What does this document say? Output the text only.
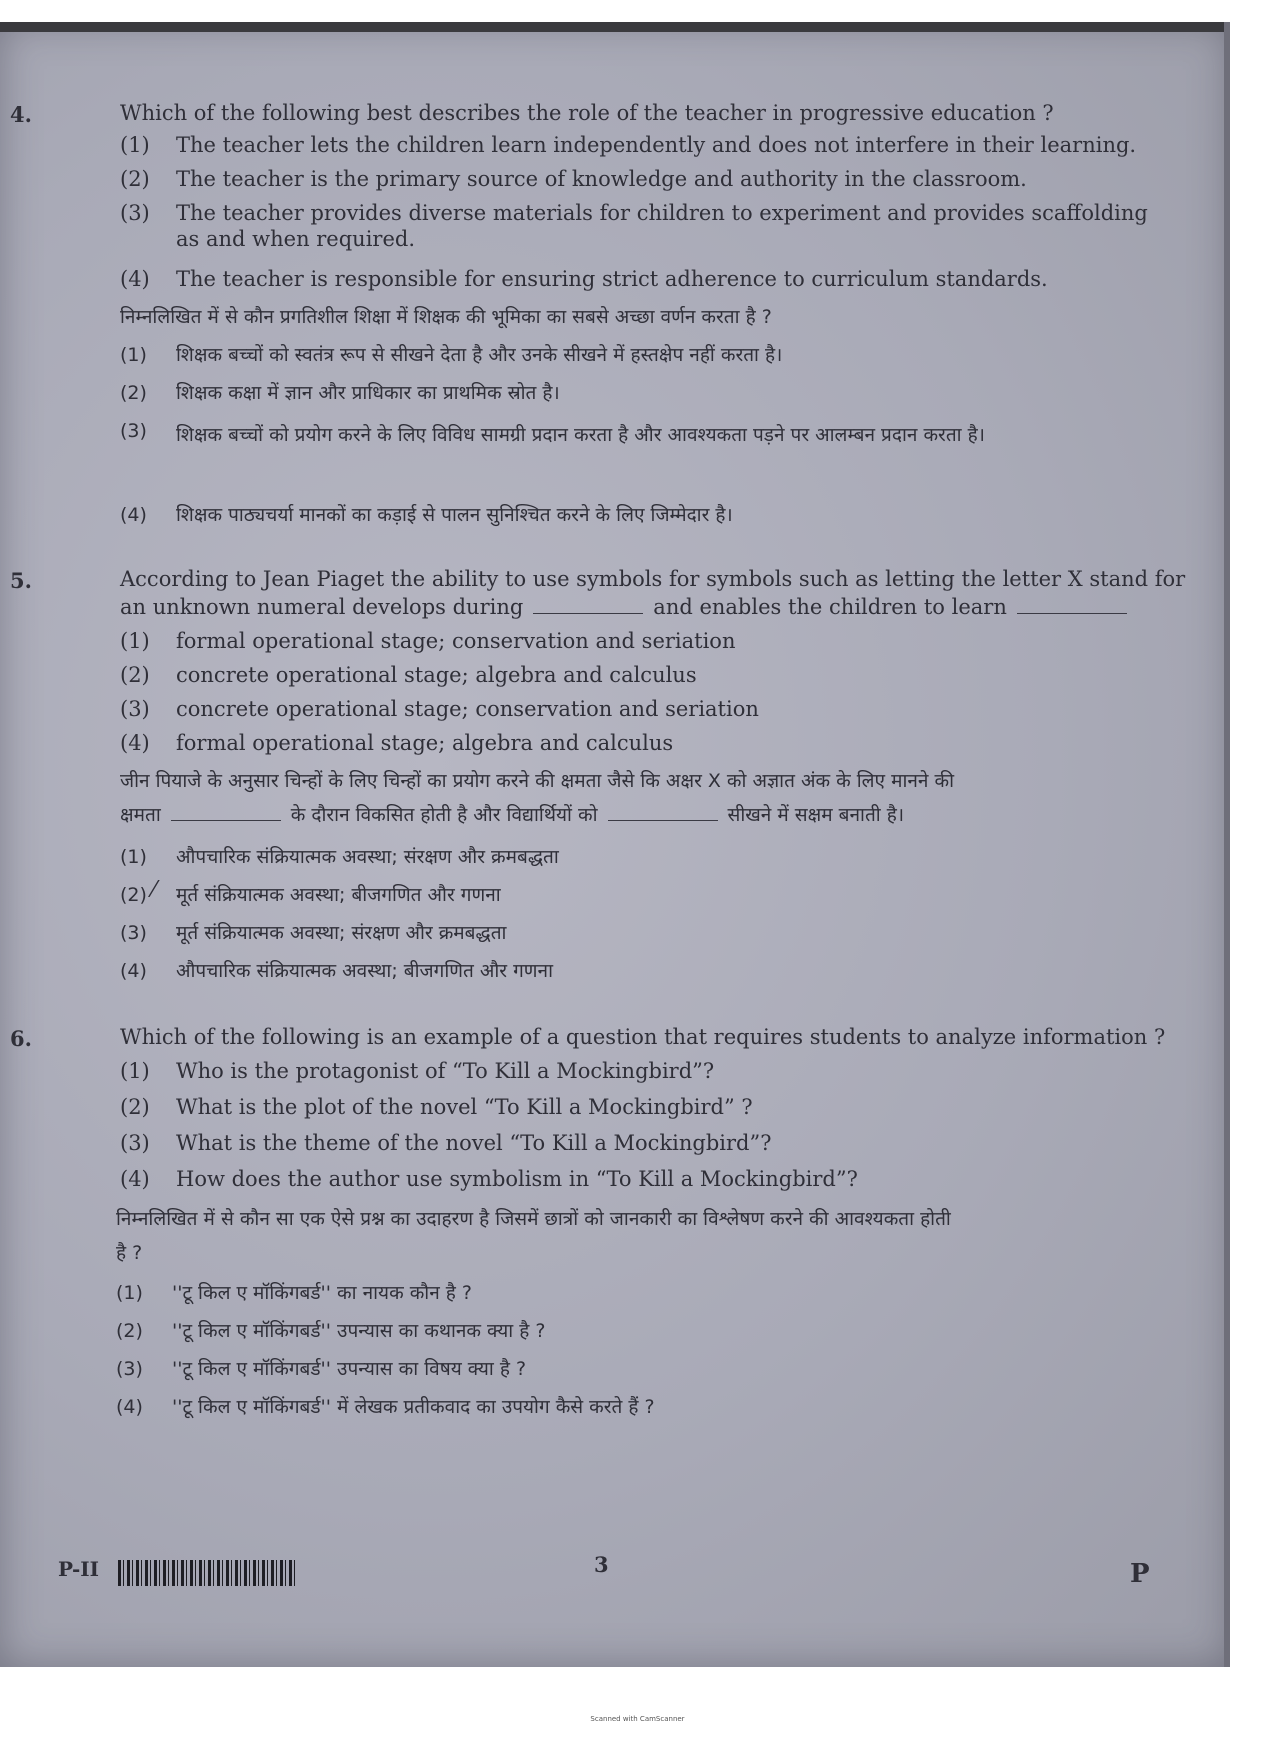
4.	Which of the following best describes the role of the teacher in progressive education ?
(1) The teacher lets the children learn independently and does not interfere in their learning.
(2) The teacher is the primary source of knowledge and authority in the classroom.
(3) The teacher provides diverse materials for children to experiment and provides scaffolding as and when required.
(4) The teacher is responsible for ensuring strict adherence to curriculum standards.
निम्नलिखित में से कौन प्रगतिशील शिक्षा में शिक्षक की भूमिका का सबसे अच्छा वर्णन करता है ?
(1) शिक्षक बच्चों को स्वतंत्र रूप से सीखने देता है और उनके सीखने में हस्तक्षेप नहीं करता है।
(2) शिक्षक कक्षा में ज्ञान और प्राधिकार का प्राथमिक स्रोत है।
(3) शिक्षक बच्चों को प्रयोग करने के लिए विविध सामग्री प्रदान करता है और आवश्यकता पड़ने पर आलम्बन प्रदान करता है।
(4) शिक्षक पाठ्यचर्या मानकों का कड़ाई से पालन सुनिश्चित करने के लिए जिम्मेदार है।
5.	According to Jean Piaget the ability to use symbols for symbols such as letting the letter X stand for
an unknown numeral develops during	and enables the children to learn
(1) formal operational stage; conservation and seriation
(2) concrete operational stage; algebra and calculus
(3) concrete operational stage; conservation and seriation
(4) formal operational stage; algebra and calculus
जीन पियाजे के अनुसार चिन्हों के लिए चिन्हों का प्रयोग करने की क्षमता जैसे कि अक्षर X को अज्ञात अंक के लिए मानने की
क्षमता	के दौरान विकसित होती है और विद्यार्थियों को	सीखने में सक्षम बनाती है।
(1) औपचारिक संक्रियात्मक अवस्था; संरक्षण और क्रमबद्धता
(2) मूर्त संक्रियात्मक अवस्था; बीजगणित और गणना
⁄
(3) मूर्त संक्रियात्मक अवस्था; संरक्षण और क्रमबद्धता
(4) औपचारिक संक्रियात्मक अवस्था; बीजगणित और गणना
6.	Which of the following is an example of a question that requires students to analyze information ?
(1) Who is the protagonist of “To Kill a Mockingbird”?
(2) What is the plot of the novel “To Kill a Mockingbird” ?
(3) What is the theme of the novel “To Kill a Mockingbird”?
(4) How does the author use symbolism in “To Kill a Mockingbird”?
निम्नलिखित में से कौन सा एक ऐसे प्रश्न का उदाहरण है जिसमें छात्रों को जानकारी का विश्लेषण करने की आवश्यकता होती
है ?
(1) ''टू किल ए मॉकिंगबर्ड'' का नायक कौन है ?
(2) ''टू किल ए मॉकिंगबर्ड'' उपन्यास का कथानक क्या है ?
(3) ''टू किल ए मॉकिंगबर्ड'' उपन्यास का विषय क्या है ?
(4) ''टू किल ए मॉकिंगबर्ड'' में लेखक प्रतीकवाद का उपयोग कैसे करते हैं ?
P-II	3	P
Scanned with CamScanner
